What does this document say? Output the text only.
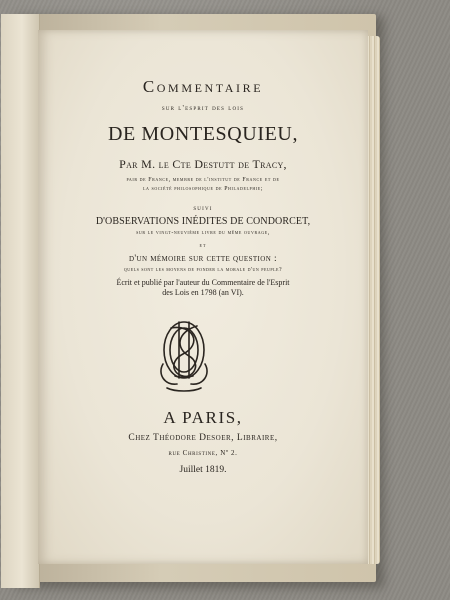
Commentaire
sur l'esprit des lois
DE MONTESQUIEU,
Par M. le Cte Destutt de Tracy,
pair de France, membre de l'institut de France et de
la société philosophique de Philadelphie;
suivi
D'OBSERVATIONS INÉDITES DE CONDORCET,
sur le vingt-neuvième livre du même ouvrage,
et
d'un mémoire sur cette question :
quels sont les moyens de fonder la morale d'un peuple?
Écrit et publié par l'auteur du Commentaire de l'Esprit
des Lois en 1798 (an VI).
A PARIS,
Chez Théodore Desoer, Libraire,
rue Christine, Nº 2.
Juillet 1819.
